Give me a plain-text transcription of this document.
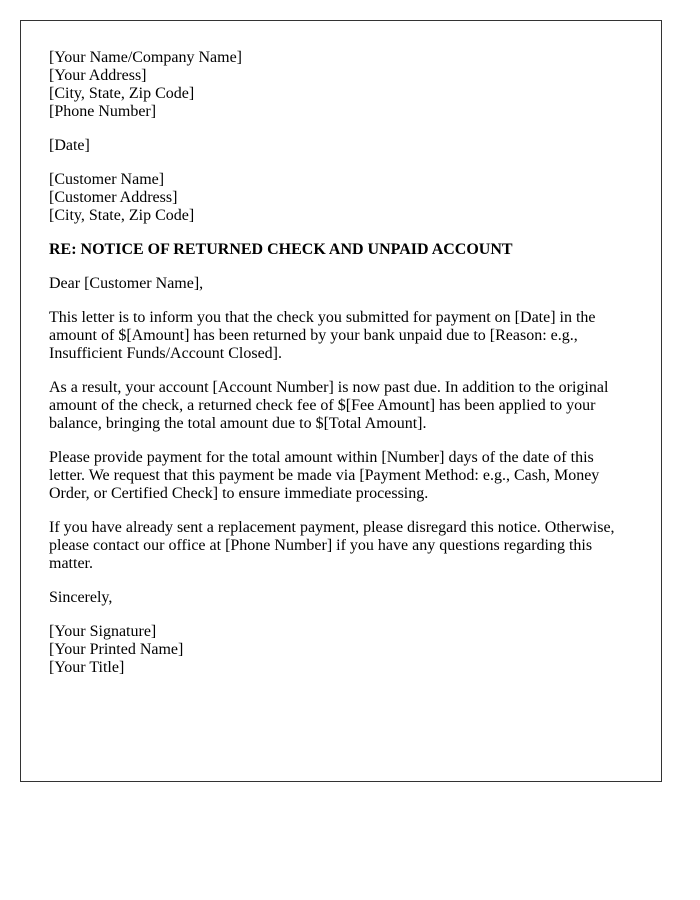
[Your Name/Company Name]
[Your Address]
[City, State, Zip Code]
[Phone Number]
[Date]
[Customer Name]
[Customer Address]
[City, State, Zip Code]
RE: NOTICE OF RETURNED CHECK AND UNPAID ACCOUNT
Dear [Customer Name],
This letter is to inform you that the check you submitted for payment on [Date] in the
amount of $[Amount] has been returned by your bank unpaid due to [Reason: e.g.,
Insufficient Funds/Account Closed].
As a result, your account [Account Number] is now past due. In addition to the original
amount of the check, a returned check fee of $[Fee Amount] has been applied to your
balance, bringing the total amount due to $[Total Amount].
Please provide payment for the total amount within [Number] days of the date of this
letter. We request that this payment be made via [Payment Method: e.g., Cash, Money
Order, or Certified Check] to ensure immediate processing.
If you have already sent a replacement payment, please disregard this notice. Otherwise,
please contact our office at [Phone Number] if you have any questions regarding this
matter.
Sincerely,
[Your Signature]
[Your Printed Name]
[Your Title]
